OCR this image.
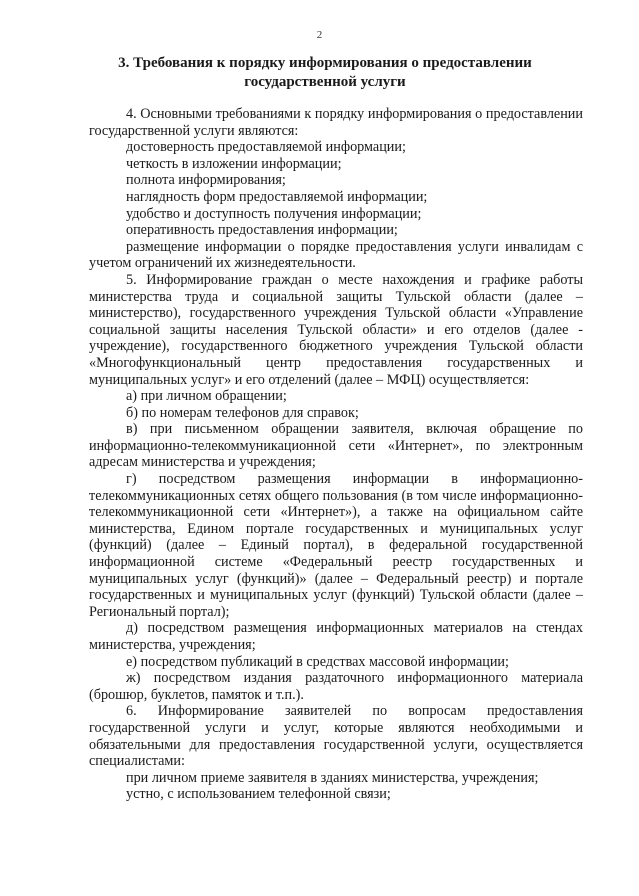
2
3. Требования к порядку информирования о предоставлении
государственной услуги

4. Основными требованиями к порядку информирования о предоставлении государственной услуги являются:

достоверность предоставляемой информации;

четкость в изложении информации;

полнота информирования;

наглядность форм предоставляемой информации;

удобство и доступность получения информации;

оперативность предоставления информации;

размещение информации о порядке предоставления услуги инвалидам с учетом ограничений их жизнедеятельности.

5. Информирование граждан о месте нахождения и графике работы министерства труда и социальной защиты Тульской области (далее – министерство), государственного учреждения Тульской области «Управление социальной защиты населения Тульской области» и его отделов (далее - учреждение), государственного бюджетного учреждения Тульской области «Многофункциональный центр предоставления государственных и муниципальных услуг» и его отделений (далее – МФЦ) осуществляется:

а) при личном обращении;

б) по номерам телефонов для справок;

в) при письменном обращении заявителя, включая обращение по информационно-телекоммуникационной сети «Интернет», по электронным адресам министерства и учреждения;

г) посредством размещения информации в информационно-телекоммуникационных сетях общего пользования (в том числе информационно-телекоммуникационной сети «Интернет»), а также на официальном сайте министерства, Едином портале государственных и муниципальных услуг (функций) (далее – Единый портал), в федеральной государственной информационной системе «Федеральный реестр государственных и муниципальных услуг (функций)» (далее – Федеральный реестр) и портале государственных и муниципальных услуг (функций) Тульской области (далее – Региональный портал);

д) посредством размещения информационных материалов на стендах министерства, учреждения;

е) посредством публикаций в средствах массовой информации;

ж) посредством издания раздаточного информационного материала (брошюр, буклетов, памяток и т.п.).

6. Информирование заявителей по вопросам предоставления государственной услуги и услуг, которые являются необходимыми и обязательными для предоставления государственной услуги, осуществляется специалистами:

при личном приеме заявителя в зданиях министерства, учреждения;

устно, с использованием телефонной связи;
